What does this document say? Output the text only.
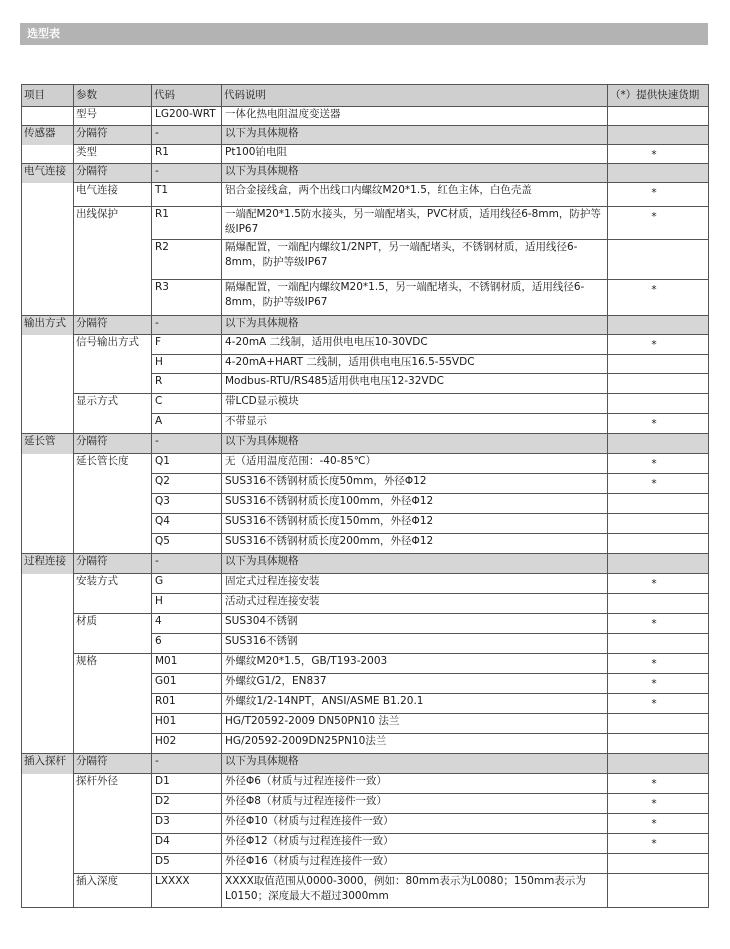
选型表
项目	参数	代码	代码说明	（*）提供快速货期
	型号	LG200-WRT	一体化热电阻温度变送器	
传感器	分隔符	-	以下为具体规格	
	类型	R1	Pt100铂电阻	*
电气连接	分隔符	-	以下为具体规格	
	电气连接	T1	铝合金接线盒，两个出线口内螺纹M20*1.5，红色主体，白色壳盖	*
	出线保护	R1	一端配M20*1.5防水接头，另一端配堵头，PVC材质，适用线径6-8mm，防护等级IP67	*
		R2	隔爆配置，一端配内螺纹1/2NPT，另一端配堵头，不锈钢材质，适用线径6-8mm，防护等级IP67	
		R3	隔爆配置，一端配内螺纹M20*1.5，另一端配堵头，不锈钢材质，适用线径6-8mm，防护等级IP67	*
输出方式	分隔符	-	以下为具体规格	
	信号输出方式	F	4-20mA 二线制，适用供电电压10-30VDC	*
		H	4-20mA+HART 二线制，适用供电电压16.5-55VDC	
		R	Modbus-RTU/RS485适用供电电压12-32VDC	
	显示方式	C	带LCD显示模块	
		A	不带显示	*
延长管	分隔符	-	以下为具体规格	
	延长管长度	Q1	无（适用温度范围：-40-85℃）	*
		Q2	SUS316不锈钢材质长度50mm，外径Φ12	*
		Q3	SUS316不锈钢材质长度100mm，外径Φ12	
		Q4	SUS316不锈钢材质长度150mm，外径Φ12	
		Q5	SUS316不锈钢材质长度200mm，外径Φ12	
过程连接	分隔符	-	以下为具体规格	
	安装方式	G	固定式过程连接安装	*
		H	活动式过程连接安装	
	材质	4	SUS304不锈钢	*
		6	SUS316不锈钢	
	规格	M01	外螺纹M20*1.5，GB/T193-2003	*
		G01	外螺纹G1/2，EN837	*
		R01	外螺纹1/2-14NPT，ANSI/ASME B1.20.1	*
		H01	HG/T20592-2009 DN50PN10 法兰	
		H02	HG/20592-2009DN25PN10法兰	
插入探杆	分隔符	-	以下为具体规格	
	探杆外径	D1	外径Φ6（材质与过程连接件一致）	*
		D2	外径Φ8（材质与过程连接件一致）	*
		D3	外径Φ10（材质与过程连接件一致）	*
		D4	外径Φ12（材质与过程连接件一致）	*
		D5	外径Φ16（材质与过程连接件一致）	
	插入深度	LXXXX	XXXX取值范围从0000-3000，例如：80mm表示为L0080；150mm表示为L0150；深度最大不超过3000mm	
